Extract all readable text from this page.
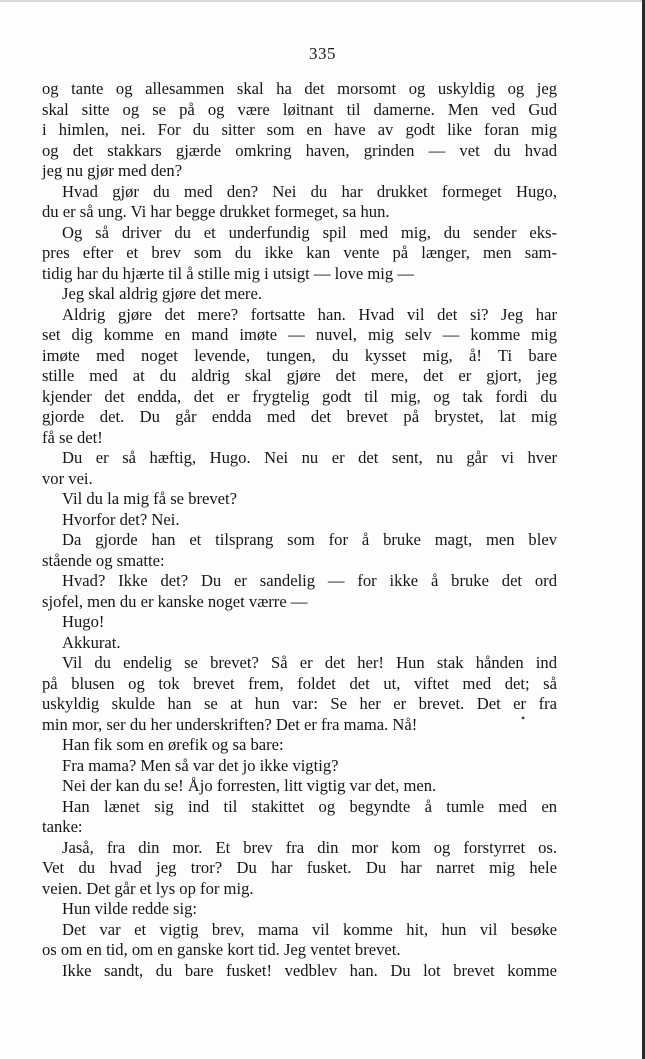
335
og tante og allesammen skal ha det morsomt og uskyldig og jeg
skal sitte og se på og være løitnant til damerne. Men ved Gud
i himlen, nei. For du sitter som en have av godt like foran mig
og det stakkars gjærde omkring haven, grinden — vet du hvad
jeg nu gjør med den?
Hvad gjør du med den? Nei du har drukket formeget Hugo,
du er så ung. Vi har begge drukket formeget, sa hun.
Og så driver du et underfundig spil med mig, du sender eks-
pres efter et brev som du ikke kan vente på længer, men sam-
tidig har du hjærte til å stille mig i utsigt — love mig —
Jeg skal aldrig gjøre det mere.
Aldrig gjøre det mere? fortsatte han. Hvad vil det si? Jeg har
set dig komme en mand imøte — nuvel, mig selv — komme mig
imøte med noget levende, tungen, du kysset mig, å! Ti bare
stille med at du aldrig skal gjøre det mere, det er gjort, jeg
kjender det endda, det er frygtelig godt til mig, og tak fordi du
gjorde det. Du går endda med det brevet på brystet, lat mig
få se det!
Du er så hæftig, Hugo. Nei nu er det sent, nu går vi hver
vor vei.
Vil du la mig få se brevet?
Hvorfor det? Nei.
Da gjorde han et tilsprang som for å bruke magt, men blev
stående og smatte:
Hvad? Ikke det? Du er sandelig — for ikke å bruke det ord
sjofel, men du er kanske noget værre —
Hugo!
Akkurat.
Vil du endelig se brevet? Så er det her! Hun stak hånden ind
på blusen og tok brevet frem, foldet det ut, viftet med det; så
uskyldig skulde han se at hun var: Se her er brevet. Det er fra
min mor, ser du her underskriften? Det er fra mama. Nå!
Han fik som en ørefik og sa bare:
Fra mama? Men så var det jo ikke vigtig?
Nei der kan du se! Åjo forresten, litt vigtig var det, men.
Han lænet sig ind til stakittet og begyndte å tumle med en
tanke:
Jaså, fra din mor. Et brev fra din mor kom og forstyrret os.
Vet du hvad jeg tror? Du har fusket. Du har narret mig hele
veien. Det går et lys op for mig.
Hun vilde redde sig:
Det var et vigtig brev, mama vil komme hit, hun vil besøke
os om en tid, om en ganske kort tid. Jeg ventet brevet.
Ikke sandt, du bare fusket! vedblev han. Du lot brevet komme
•
